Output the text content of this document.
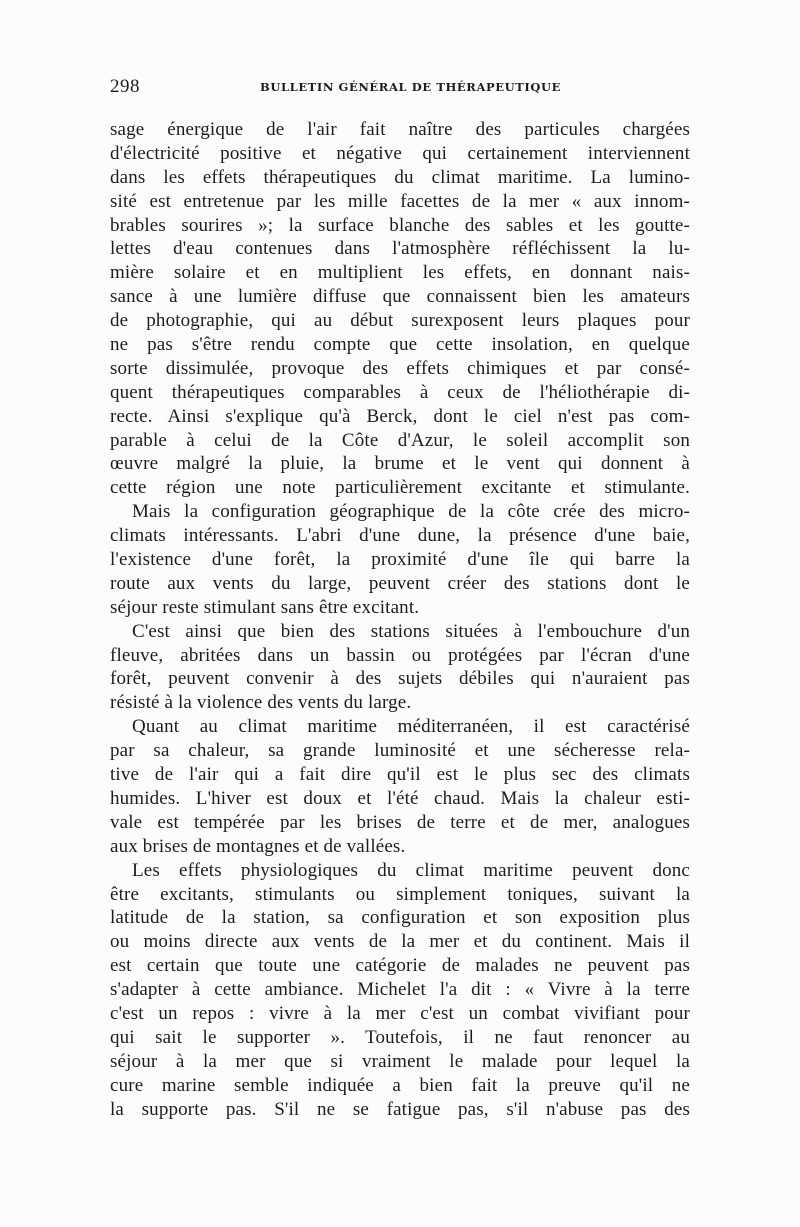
298	BULLETIN GÉNÉRAL DE THÉRAPEUTIQUE
sage énergique de l'air fait naître des particules chargées
d'électricité positive et négative qui certainement interviennent
dans les effets thérapeutiques du climat maritime. La lumino-
sité est entretenue par les mille facettes de la mer « aux innom-
brables sourires »; la surface blanche des sables et les goutte-
lettes d'eau contenues dans l'atmosphère réfléchissent la lu-
mière solaire et en multiplient les effets, en donnant nais-
sance à une lumière diffuse que connaissent bien les amateurs
de photographie, qui au début surexposent leurs plaques pour
ne pas s'être rendu compte que cette insolation, en quelque
sorte dissimulée, provoque des effets chimiques et par consé-
quent thérapeutiques comparables à ceux de l'héliothérapie di-
recte. Ainsi s'explique qu'à Berck, dont le ciel n'est pas com-
parable à celui de la Côte d'Azur, le soleil accomplit son
œuvre malgré la pluie, la brume et le vent qui donnent à
cette région une note particulièrement excitante et stimulante.
Mais la configuration géographique de la côte crée des micro-
climats intéressants. L'abri d'une dune, la présence d'une baie,
l'existence d'une forêt, la proximité d'une île qui barre la
route aux vents du large, peuvent créer des stations dont le
séjour reste stimulant sans être excitant.
C'est ainsi que bien des stations situées à l'embouchure d'un
fleuve, abritées dans un bassin ou protégées par l'écran d'une
forêt, peuvent convenir à des sujets débiles qui n'auraient pas
résisté à la violence des vents du large.
Quant au climat maritime méditerranéen, il est caractérisé
par sa chaleur, sa grande luminosité et une sécheresse rela-
tive de l'air qui a fait dire qu'il est le plus sec des climats
humides. L'hiver est doux et l'été chaud. Mais la chaleur esti-
vale est tempérée par les brises de terre et de mer, analogues
aux brises de montagnes et de vallées.
Les effets physiologiques du climat maritime peuvent donc
être excitants, stimulants ou simplement toniques, suivant la
latitude de la station, sa configuration et son exposition plus
ou moins directe aux vents de la mer et du continent. Mais il
est certain que toute une catégorie de malades ne peuvent pas
s'adapter à cette ambiance. Michelet l'a dit : « Vivre à la terre
c'est un repos : vivre à la mer c'est un combat vivifiant pour
qui sait le supporter ». Toutefois, il ne faut renoncer au
séjour à la mer que si vraiment le malade pour lequel la
cure marine semble indiquée a bien fait la preuve qu'il ne
la supporte pas. S'il ne se fatigue pas, s'il n'abuse pas des
